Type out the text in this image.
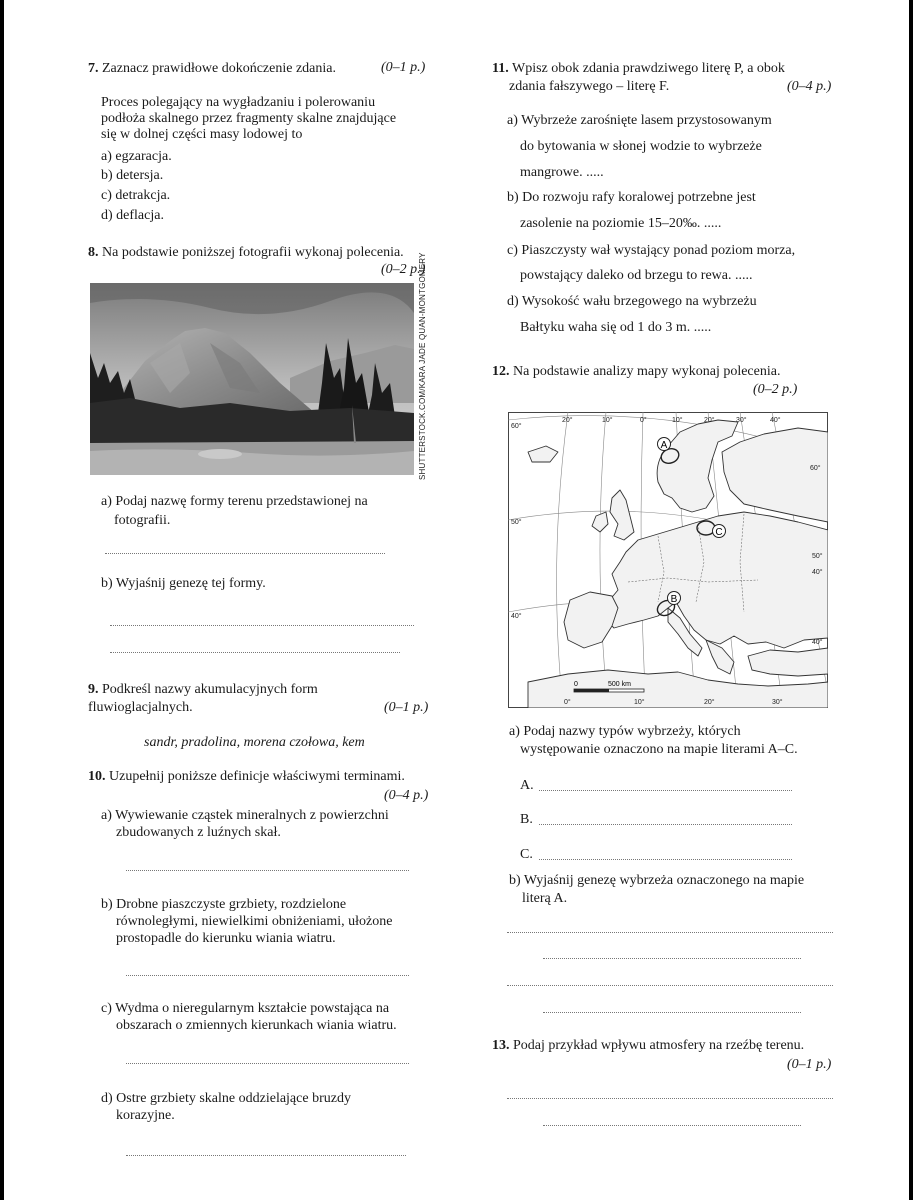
7. Zaznacz prawidłowe dokończenie zdania.	(0–1 p.)
Proces polegający na wygładzaniu i polerowaniu
podłoża skalnego przez fragmenty skalne znajdujące
się w dolnej części masy lodowej to
a) egzaracja.
b) detersja.
c) detrakcja.
d) deflacja.
8. Na podstawie poniższej fotografii wykonaj polecenia.
(0–2 p.)
SHUTTERSTOCK.COM/KARA JADE QUAN-MONTGOMERY
a) Podaj nazwę formy terenu przedstawionej na
fotografii.
b) Wyjaśnij genezę tej formy.
9. Podkreśl nazwy akumulacyjnych form
fluwioglacjalnych.	(0–1 p.)
sandr, pradolina, morena czołowa, kem
10. Uzupełnij poniższe definicje właściwymi terminami.
(0–4 p.)
a) Wywiewanie cząstek mineralnych z powierzchni
zbudowanych z luźnych skał.
b) Drobne piaszczyste grzbiety, rozdzielone
równoległymi, niewielkimi obniżeniami, ułożone
prostopadle do kierunku wiania wiatru.
c) Wydma o nieregularnym kształcie powstająca na
obszarach o zmiennych kierunkach wiania wiatru.
d) Ostre grzbiety skalne oddzielające bruzdy
korazyjne.
11. Wpisz obok zdania prawdziwego literę P, a obok
zdania fałszywego – literę F.	(0–4 p.)
a) Wybrzeże zarośnięte lasem przystosowanym
do bytowania w słonej wodzie to wybrzeże
mangrowe. .....
b) Do rozwoju rafy koralowej potrzebne jest
zasolenie na poziomie 15–20‰. .....
c) Piaszczysty wał wystający ponad poziom morza,
powstający daleko od brzegu to rewa. .....
d) Wysokość wału brzegowego na wybrzeżu
Bałtyku waha się od 1 do 3 m. .....
12. Na podstawie analizy mapy wykonaj polecenia.
(0–2 p.)
A
C
B
20°	10°	0°	10°	20°	30°	40°
0°	10°	20°	30°
60°
50°
40°
60°
50°
40°
40°
0	500 km
a) Podaj nazwy typów wybrzeży, których
występowanie oznaczono na mapie literami A–C.
A.
B.
C.
b) Wyjaśnij genezę wybrzeża oznaczonego na mapie
literą A.
13. Podaj przykład wpływu atmosfery na rzeźbę terenu.
(0–1 p.)
